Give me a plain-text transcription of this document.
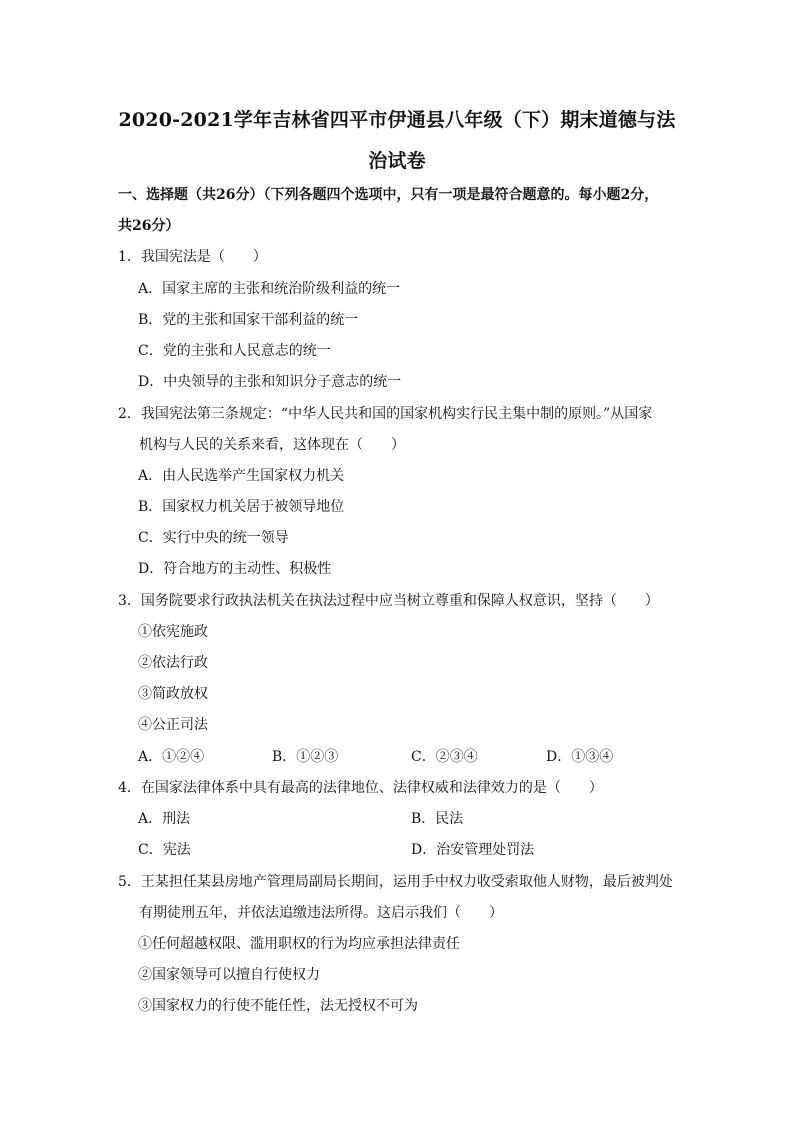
2020-2021学年吉林省四平市伊通县八年级（下）期末道德与法
治试卷
一、选择题（共26分）（下列各题四个选项中，只有一项是最符合题意的。每小题2分，
共26分）
1．我国宪法是（　　）
A．国家主席的主张和统治阶级利益的统一
B．党的主张和国家干部利益的统一
C．党的主张和人民意志的统一
D．中央领导的主张和知识分子意志的统一
2．我国宪法第三条规定：“中华人民共和国的国家机构实行民主集中制的原则。”从国家
机构与人民的关系来看，这体现在（　　）
A．由人民选举产生国家权力机关
B．国家权力机关居于被领导地位
C．实行中央的统一领导
D．符合地方的主动性、积极性
3．国务院要求行政执法机关在执法过程中应当树立尊重和保障人权意识，坚持（　　）
①依宪施政
②依法行政
③简政放权
④公正司法
A．①②④	B．①②③	C．②③④	D．①③④
4．在国家法律体系中具有最高的法律地位、法律权威和法律效力的是（　　）
A．刑法	B．民法
C．宪法	D．治安管理处罚法
5．王某担任某县房地产管理局副局长期间，运用手中权力收受索取他人财物，最后被判处
有期徒刑五年，并依法追缴违法所得。这启示我们（　　）
①任何超越权限、滥用职权的行为均应承担法律责任
②国家领导可以擅自行使权力
③国家权力的行使不能任性，法无授权不可为
